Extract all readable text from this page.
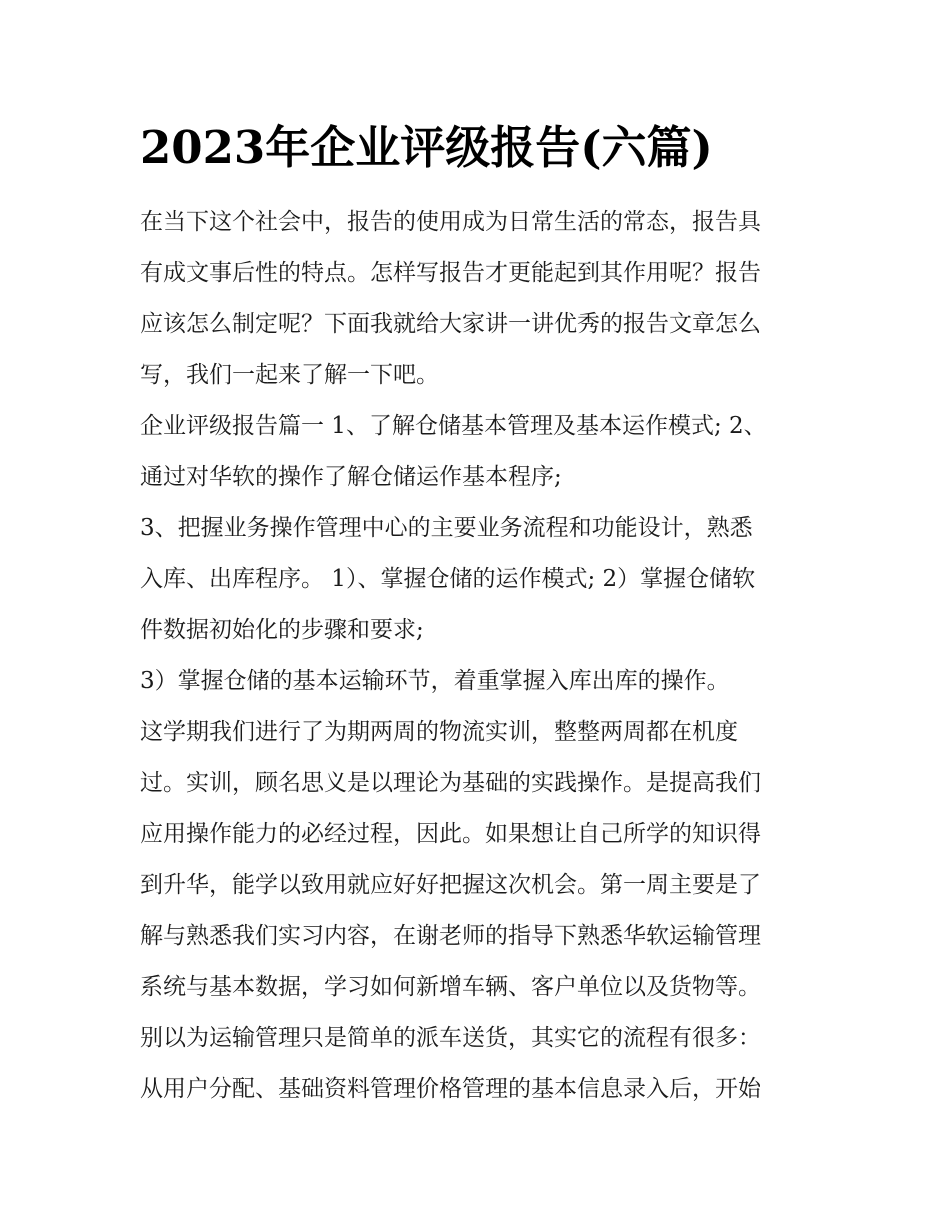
2023年企业评级报告(六篇)
在当下这个社会中，报告的使用成为日常生活的常态，报告具
有成文事后性的特点。怎样写报告才更能起到其作用呢？报告
应该怎么制定呢？下面我就给大家讲一讲优秀的报告文章怎么
写，我们一起来了解一下吧。
企业评级报告篇一 1、了解仓储基本管理及基本运作模式; 2、
通过对华软的操作了解仓储运作基本程序;
3、把握业务操作管理中心的主要业务流程和功能设计，熟悉
入库、出库程序。 1）、掌握仓储的运作模式; 2）掌握仓储软
件数据初始化的步骤和要求;
3）掌握仓储的基本运输环节，着重掌握入库出库的操作。
这学期我们进行了为期两周的物流实训，整整两周都在机度
过。实训，顾名思义是以理论为基础的实践操作。是提高我们
应用操作能力的必经过程，因此。如果想让自己所学的知识得
到升华，能学以致用就应好好把握这次机会。第一周主要是了
解与熟悉我们实习内容，在谢老师的指导下熟悉华软运输管理
系统与基本数据，学习如何新增车辆、客户单位以及货物等。
别以为运输管理只是简单的派车送货，其实它的流程有很多：
从用户分配、基础资料管理价格管理的基本信息录入后，开始
